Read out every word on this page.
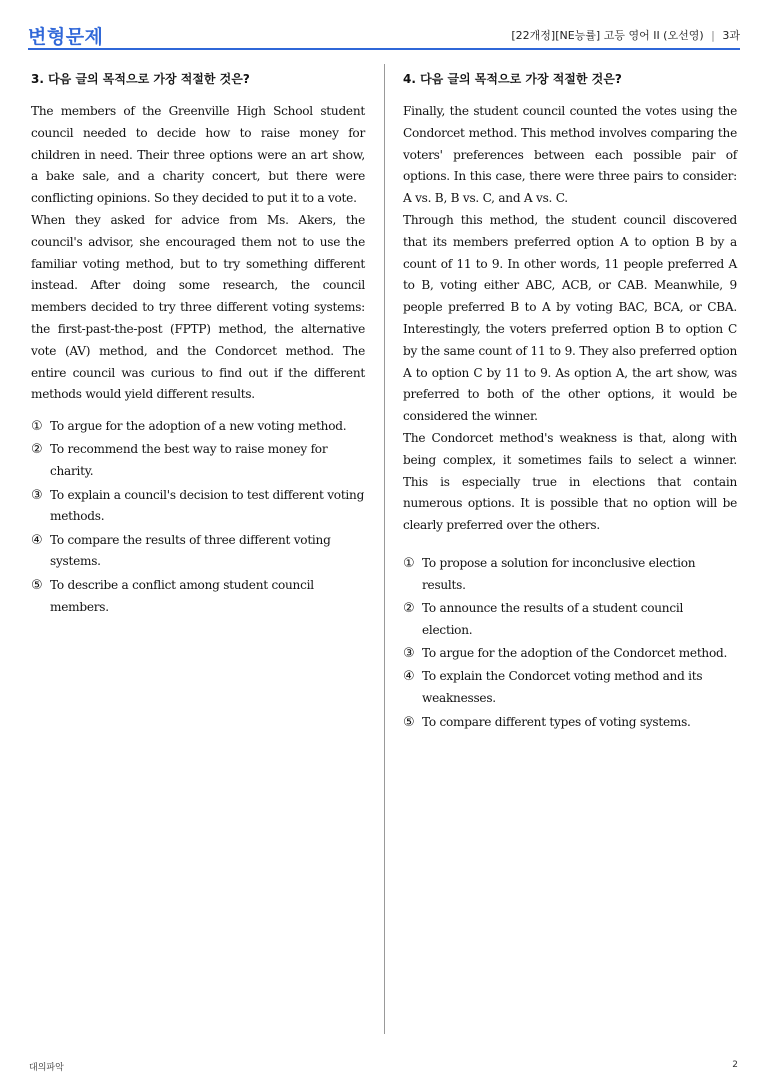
변형문제	[22개정][NE능률] 고등 영어 II (오선영) | 3과
3. 다음 글의 목적으로 가장 적절한 것은?

The members of the Greenville High School student council needed to decide how to raise money for children in need. Their three options were an art show, a bake sale, and a charity concert, but there were conflicting opinions. So they decided to put it to a vote.

When they asked for advice from Ms. Akers, the council's advisor, she encouraged them not to use the familiar voting method, but to try something different instead. After doing some research, the council members decided to try three different voting systems: the first-past-the-post (FPTP) method, the alternative vote (AV) method, and the Condorcet method. The entire council was curious to find out if the different methods would yield different results.

① To argue for the adoption of a new voting method.
② To recommend the best way to raise money for charity.
③ To explain a council's decision to test different voting methods.
④ To compare the results of three different voting systems.
⑤ To describe a conflict among student council members.
4. 다음 글의 목적으로 가장 적절한 것은?

Finally, the student council counted the votes using the Condorcet method. This method involves comparing the voters' preferences between each possible pair of options. In this case, there were three pairs to consider: A vs. B, B vs. C, and A vs. C.

Through this method, the student council discovered that its members preferred option A to option B by a count of 11 to 9. In other words, 11 people preferred A to B, voting either ABC, ACB, or CAB. Meanwhile, 9 people preferred B to A by voting BAC, BCA, or CBA. Interestingly, the voters preferred option B to option C by the same count of 11 to 9. They also preferred option A to option C by 11 to 9. As option A, the art show, was preferred to both of the other options, it would be considered the winner.

The Condorcet method's weakness is that, along with being complex, it sometimes fails to select a winner. This is especially true in elections that contain numerous options. It is possible that no option will be clearly preferred over the others.

① To propose a solution for inconclusive election results.
② To announce the results of a student council election.
③ To argue for the adoption of the Condorcet method.
④ To explain the Condorcet voting method and its weaknesses.
⑤ To compare different types of voting systems.
대의파악	2
